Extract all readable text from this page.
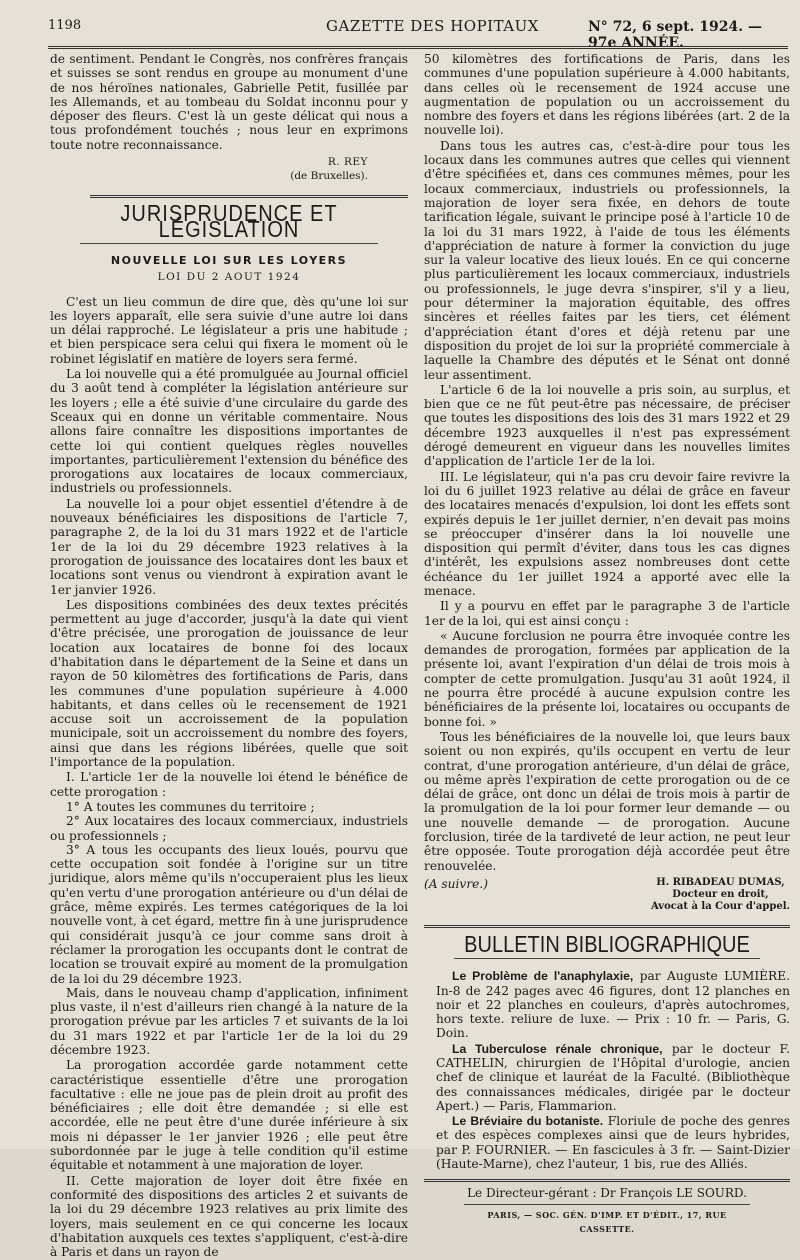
1198	GAZETTE DES HOPITAUX	N° 72, 6 sept. 1924. — 97e ANNÉE.

de sentiment. Pendant le Congrès, nos confrères français et suisses se sont rendus en groupe au monument d'une de nos héroïnes nationales, Gabrielle Petit, fusillée par les Allemands, et au tombeau du Soldat inconnu pour y déposer des fleurs. C'est là un geste délicat qui nous a tous profondément touchés ; nous leur en exprimons toute notre reconnaissance.

R. REY
(de Bruxelles).
JURISPRUDENCE ET LÉGISLATION
NOUVELLE LOI SUR LES LOYERS
LOI DU 2 AOUT 1924

C'est un lieu commun de dire que, dès qu'une loi sur les loyers apparaît, elle sera suivie d'une autre loi dans un délai rapproché. Le législateur a pris une habitude ; et bien perspicace sera celui qui fixera le moment où le robinet législatif en matière de loyers sera fermé.

La loi nouvelle qui a été promulguée au Journal officiel du 3 août tend à compléter la législation antérieure sur les loyers ; elle a été suivie d'une circulaire du garde des Sceaux qui en donne un véritable commentaire. Nous allons faire connaître les dispositions importantes de cette loi qui contient quelques règles nouvelles importantes, particulièrement l'extension du bénéfice des prorogations aux locataires de locaux commerciaux, industriels ou professionnels.

La nouvelle loi a pour objet essentiel d'étendre à de nouveaux bénéficiaires les dispositions de l'article 7, paragraphe 2, de la loi du 31 mars 1922 et de l'article 1er de la loi du 29 décembre 1923 relatives à la prorogation de jouissance des locataires dont les baux et locations sont venus ou viendront à expiration avant le 1er janvier 1926.

Les dispositions combinées des deux textes précités permettent au juge d'accorder, jusqu'à la date qui vient d'être précisée, une prorogation de jouissance de leur location aux locataires de bonne foi des locaux d'habitation dans le département de la Seine et dans un rayon de 50 kilomètres des fortifications de Paris, dans les communes d'une population supérieure à 4.000 habitants, et dans celles où le recensement de 1921 accuse soit un accroissement de la population municipale, soit un accroissement du nombre des foyers, ainsi que dans les régions libérées, quelle que soit l'importance de la population.

I. L'article 1er de la nouvelle loi étend le bénéfice de cette prorogation :

1° A toutes les communes du territoire ;

2° Aux locataires des locaux commerciaux, industriels ou professionnels ;

3° A tous les occupants des lieux loués, pourvu que cette occupation soit fondée à l'origine sur un titre juridique, alors même qu'ils n'occuperaient plus les lieux qu'en vertu d'une prorogation antérieure ou d'un délai de grâce, même expirés. Les termes catégoriques de la loi nouvelle vont, à cet égard, mettre fin à une jurisprudence qui considérait jusqu'à ce jour comme sans droit à réclamer la prorogation les occupants dont le contrat de location se trouvait expiré au moment de la promulgation de la loi du 29 décembre 1923.

Mais, dans le nouveau champ d'application, infiniment plus vaste, il n'est d'ailleurs rien changé à la nature de la prorogation prévue par les articles 7 et suivants de la loi du 31 mars 1922 et par l'article 1er de la loi du 29 décembre 1923.

La prorogation accordée garde notamment cette caractéristique essentielle d'être une prorogation facultative : elle ne joue pas de plein droit au profit des bénéficiaires ; elle doit être demandée ; si elle est accordée, elle ne peut être d'une durée inférieure à six mois ni dépasser le 1er janvier 1926 ; elle peut être subordonnée par le juge à telle condition qu'il estime équitable et notamment à une majoration de loyer.

II. Cette majoration de loyer doit être fixée en conformité des dispositions des articles 2 et suivants de la loi du 29 décembre 1923 relatives au prix limite des loyers, mais seulement en ce qui concerne les locaux d'habitation auxquels ces textes s'appliquent, c'est-à-dire à Paris et dans un rayon de

50 kilomètres des fortifications de Paris, dans les communes d'une population supérieure à 4.000 habitants, dans celles où le recensement de 1924 accuse une augmentation de population ou un accroissement du nombre des foyers et dans les régions libérées (art. 2 de la nouvelle loi).

Dans tous les autres cas, c'est-à-dire pour tous les locaux dans les communes autres que celles qui viennent d'être spécifiées et, dans ces communes mêmes, pour les locaux commerciaux, industriels ou professionnels, la majoration de loyer sera fixée, en dehors de toute tarification légale, suivant le principe posé à l'article 10 de la loi du 31 mars 1922, à l'aide de tous les éléments d'appréciation de nature à former la conviction du juge sur la valeur locative des lieux loués. En ce qui concerne plus particulièrement les locaux commerciaux, industriels ou professionnels, le juge devra s'inspirer, s'il y a lieu, pour déterminer la majoration équitable, des offres sincères et réelles faites par les tiers, cet élément d'appréciation étant d'ores et déjà retenu par une disposition du projet de loi sur la propriété commerciale à laquelle la Chambre des députés et le Sénat ont donné leur assentiment.

L'article 6 de la loi nouvelle a pris soin, au surplus, et bien que ce ne fût peut-être pas nécessaire, de préciser que toutes les dispositions des lois des 31 mars 1922 et 29 décembre 1923 auxquelles il n'est pas expressément dérogé demeurent en vigueur dans les nouvelles limites d'application de l'article 1er de la loi.

III. Le législateur, qui n'a pas cru devoir faire revivre la loi du 6 juillet 1923 relative au délai de grâce en faveur des locataires menacés d'expulsion, loi dont les effets sont expirés depuis le 1er juillet dernier, n'en devait pas moins se préoccuper d'insérer dans la loi nouvelle une disposition qui permît d'éviter, dans tous les cas dignes d'intérêt, les expulsions assez nombreuses dont cette échéance du 1er juillet 1924 a apporté avec elle la menace.

Il y a pourvu en effet par le paragraphe 3 de l'article 1er de la loi, qui est ainsi conçu :

« Aucune forclusion ne pourra être invoquée contre les demandes de prorogation, formées par application de la présente loi, avant l'expiration d'un délai de trois mois à compter de cette promulgation. Jusqu'au 31 août 1924, il ne pourra être procédé à aucune expulsion contre les bénéficiaires de la présente loi, locataires ou occupants de bonne foi. »

Tous les bénéficiaires de la nouvelle loi, que leurs baux soient ou non expirés, qu'ils occupent en vertu de leur contrat, d'une prorogation antérieure, d'un délai de grâce, ou même après l'expiration de cette prorogation ou de ce délai de grâce, ont donc un délai de trois mois à partir de la promulgation de la loi pour former leur demande — ou une nouvelle demande — de prorogation. Aucune forclusion, tirée de la tardiveté de leur action, ne peut leur être opposée. Toute prorogation déjà accordée peut être renouvelée.

(A suivre.)	H. RIBADEAU DUMAS,
Docteur en droit,
Avocat à la Cour d'appel.
BULLETIN BIBLIOGRAPHIQUE

Le Problème de l'anaphylaxie, par Auguste LUMIÈRE. In-8 de 242 pages avec 46 figures, dont 12 planches en noir et 22 planches en couleurs, d'après autochromes, hors texte. reliure de luxe. — Prix : 10 fr. — Paris, G. Doin.

La Tuberculose rénale chronique, par le docteur F. CATHELIN, chirurgien de l'Hôpital d'urologie, ancien chef de clinique et lauréat de la Faculté. (Bibliothèque des connaissances médicales, dirigée par le docteur Apert.) — Paris, Flammarion.

Le Bréviaire du botaniste. Floriule de poche des genres et des espèces complexes ainsi que de leurs hybrides, par P. FOURNIER. — En fascicules à 3 fr. — Saint-Dizier (Haute-Marne), chez l'auteur, 1 bis, rue des Alliés.

Le Directeur-gérant : Dr François LE SOURD.
PARIS, — SOC. GÉN. D'IMP. ET D'ÉDIT., 17, RUE CASSETTE.
